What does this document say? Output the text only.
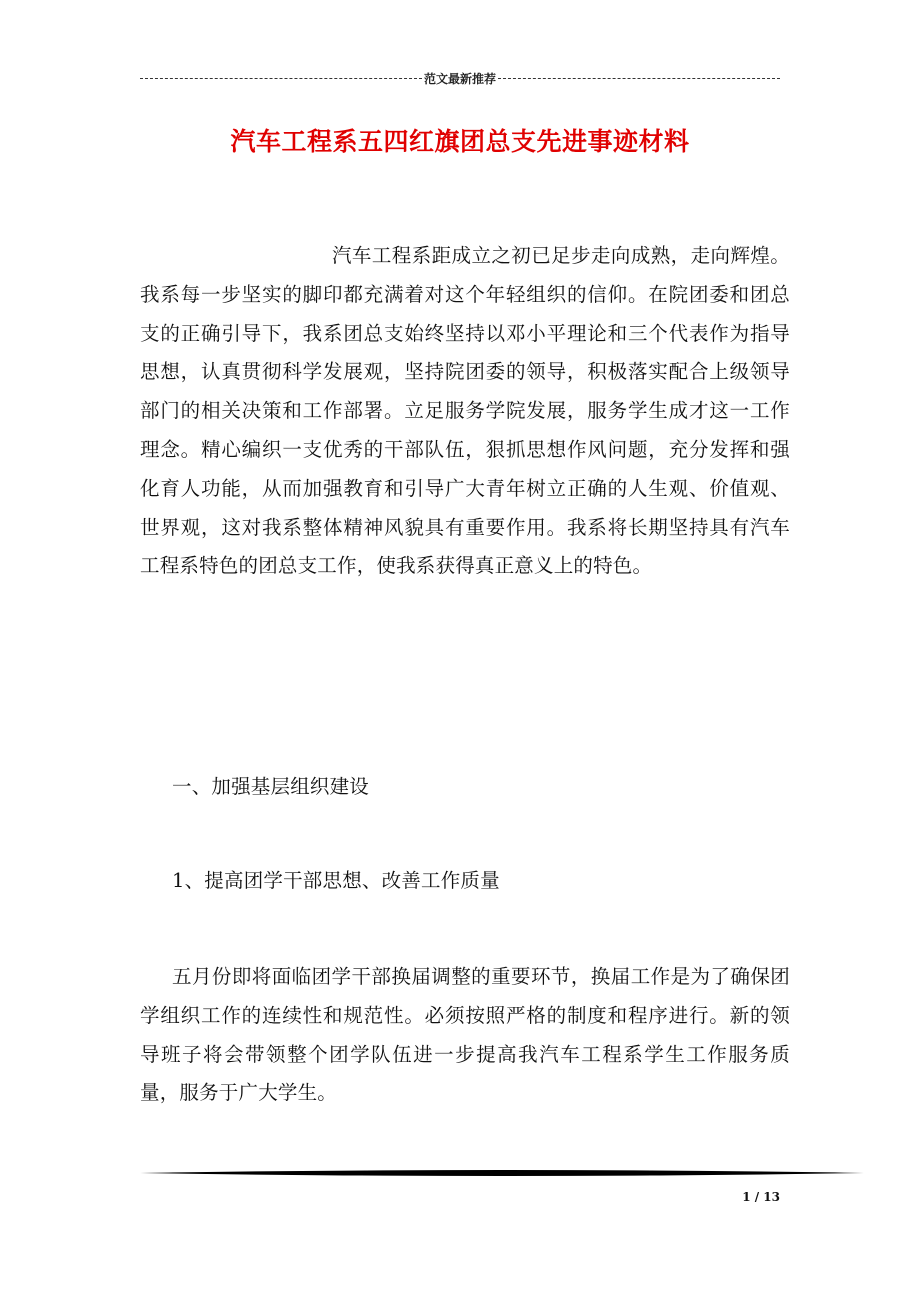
范文最新推荐
汽车工程系五四红旗团总支先进事迹材料
汽车工程系距成立之初已足步走向成熟，走向辉煌。我系每一步坚实的脚印都充满着对这个年轻组织的信仰。在院团委和团总支的正确引导下，我系团总支始终坚持以邓小平理论和三个代表作为指导思想，认真贯彻科学发展观，坚持院团委的领导，积极落实配合上级领导部门的相关决策和工作部署。立足服务学院发展，服务学生成才这一工作理念。精心编织一支优秀的干部队伍，狠抓思想作风问题，充分发挥和强化育人功能，从而加强教育和引导广大青年树立正确的人生观、价值观、世界观，这对我系整体精神风貌具有重要作用。我系将长期坚持具有汽车工程系特色的团总支工作，使我系获得真正意义上的特色。
一、加强基层组织建设
1、提高团学干部思想、改善工作质量
五月份即将面临团学干部换届调整的重要环节，换届工作是为了确保团学组织工作的连续性和规范性。必须按照严格的制度和程序进行。新的领导班子将会带领整个团学队伍进一步提高我汽车工程系学生工作服务质量，服务于广大学生。
1 / 13
